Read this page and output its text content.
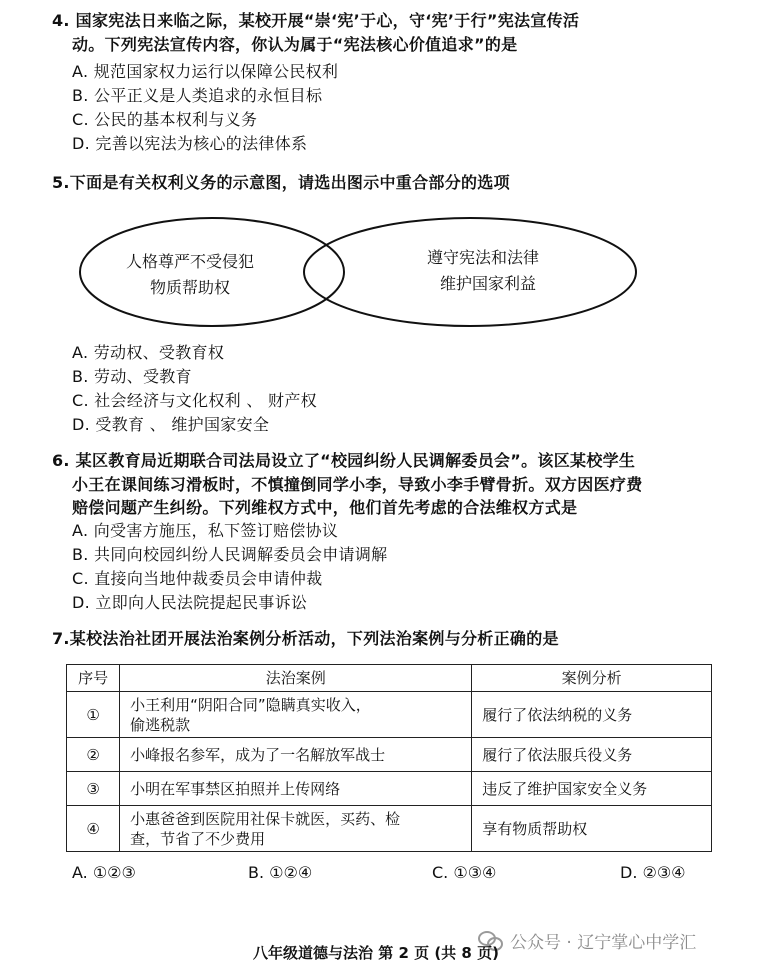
4. 国家宪法日来临之际，某校开展“崇‘宪’于心，守‘宪’于行”宪法宣传活
动。下列宪法宣传内容，你认为属于“宪法核心价值追求”的是
A. 规范国家权力运行以保障公民权利
B. 公平正义是人类追求的永恒目标
C. 公民的基本权利与义务
D. 完善以宪法为核心的法律体系
5.下面是有关权利义务的示意图，请选出图示中重合部分的选项
人格尊严不受侵犯
物质帮助权
遵守宪法和法律
维护国家利益
A. 劳动权、受教育权
B. 劳动、受教育
C. 社会经济与文化权利 、 财产权
D. 受教育 、 维护国家安全
6. 某区教育局近期联合司法局设立了“校园纠纷人民调解委员会”。该区某校学生
小王在课间练习滑板时，不慎撞倒同学小李，导致小李手臂骨折。双方因医疗费
赔偿问题产生纠纷。下列维权方式中，他们首先考虑的合法维权方式是
A. 向受害方施压，私下签订赔偿协议
B. 共同向校园纠纷人民调解委员会申请调解
C. 直接向当地仲裁委员会申请仲裁
D. 立即向人民法院提起民事诉讼
7.某校法治社团开展法治案例分析活动，下列法治案例与分析正确的是
序号	法治案例	案例分析
①	小王利用“阴阳合同”隐瞒真实收入，
偷逃税款	履行了依法纳税的义务
②	小峰报名参军，成为了一名解放军战士	履行了依法服兵役义务
③	小明在军事禁区拍照并上传网络	违反了维护国家安全义务
④	小惠爸爸到医院用社保卡就医，买药、检
查，节省了不少费用	享有物质帮助权
A. ①②③	B. ①②④	C. ①③④	D. ②③④
公众号 · 辽宁掌心中学汇
八年级道德与法治 第 2 页 (共 8 页)
